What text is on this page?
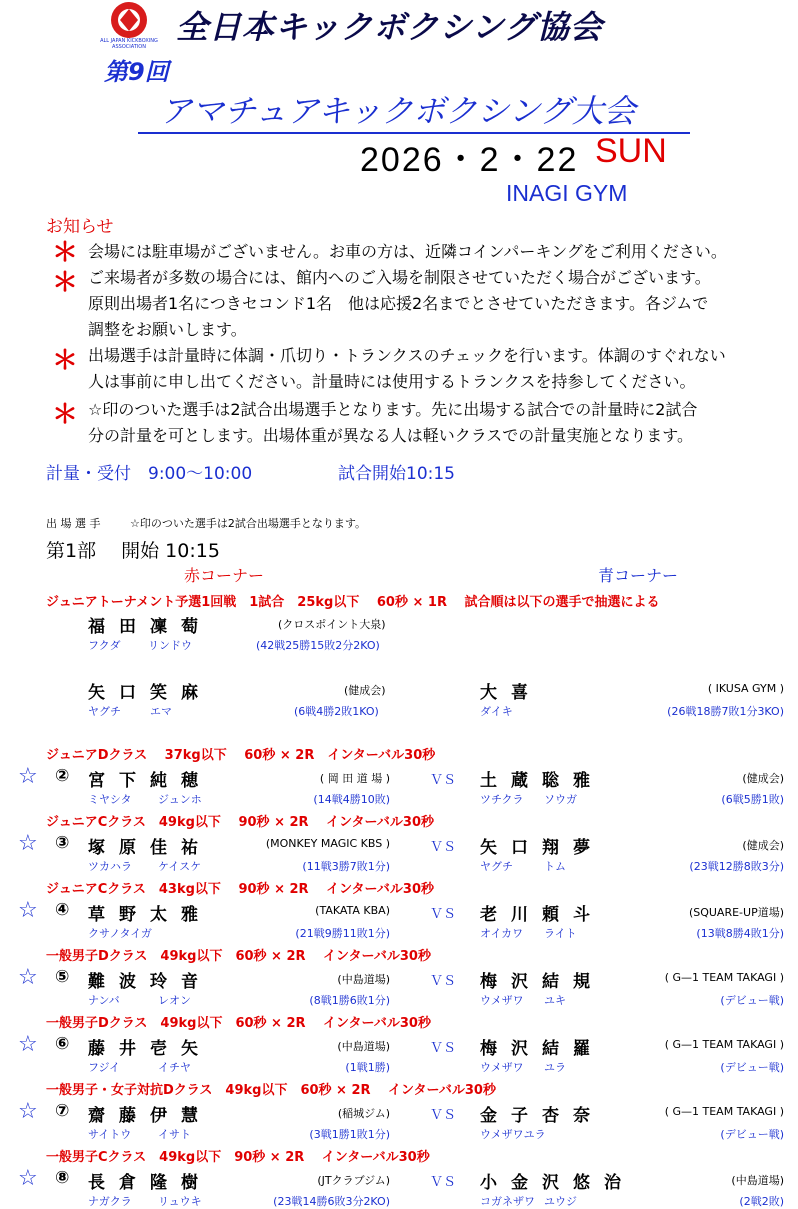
ALL JAPAN KICKBOXING
ASSOCIATION
全日本キックボクシング協会
第9回
アマチュアキックボクシング大会
2026・2・22 SUN
INAGI GYM
お知らせ
＊ 会場には駐車場がございません。お車の方は、近隣コインパーキングをご利用ください。
＊ ご来場者が多数の場合には、館内へのご入場を制限させていただく場合がございます。
原則出場者1名につきセコンド1名　他は応援2名までとさせていただきます。各ジムで
調整をお願いします。
＊ 出場選手は計量時に体調・爪切り・トランクスのチェックを行います。体調のすぐれない
人は事前に申し出てください。計量時には使用するトランクスを持参してください。
＊ ☆印のついた選手は2試合出場選手となります。先に出場する試合での計量時に2試合
分の計量を可とします。出場体重が異なる人は軽いクラスでの計量実施となります。
計量・受付　9:00〜10:00	試合開始10:15
出 場 選 手	☆印のついた選手は2試合出場選手となります。
第1部　 開始 10:15
赤コーナー	青コーナー
ジュニアトーナメント予選1回戦　1試合　25kg以下　 60秒 × 1R　 試合順は以下の選手で抽選による
福田凜萄	(クロスポイント大泉)
フクダ	リンドウ	(42戦25勝15敗2分2KO)
矢口笑麻	(健成会)
ヤグチ	エマ	(6戦4勝2敗1KO)
大喜	( IKUSA GYM )
ダイキ	(26戦18勝7敗1分3KO)
ジュニアDクラス　 37kg以下　 60秒 × 2R　インターバル30秒
☆ ② 宮下純穂	( 岡 田 道 場 )	ＶＳ 土蔵聡雅	(健成会)
ミヤシタ ジュンホ	(14戦4勝10敗)	ツチクラ ソウガ	(6戦5勝1敗)
ジュニアCクラス　49kg以下　 90秒 × 2R　 インターバル30秒
☆ ③ 塚原佳祐	(MONKEY MAGIC KBS )	ＶＳ 矢口翔夢	(健成会)
ツカハラ ケイスケ	(11戦3勝7敗1分)	ヤグチ	トム	(23戦12勝8敗3分)
ジュニアCクラス　43kg以下　 90秒 × 2R　 インターバル30秒
☆ ④ 草野太雅	(TAKATA KBA)	ＶＳ 老川頼斗	(SQUARE-UP道場)
クサノタイガ	(21戦9勝11敗1分)	オイカワ ライト	(13戦8勝4敗1分)
一般男子Dクラス　49kg以下　60秒 × 2R　 インターバル30秒
☆ ⑤ 難波玲音	(中島道場)	ＶＳ 梅沢結規	( G—1 TEAM TAKAGI )
ナンバ	レオン	(8戦1勝6敗1分)	ウメザワ ユキ	(デビュー戦)
一般男子Dクラス　49kg以下　60秒 × 2R　 インターバル30秒
☆ ⑥ 藤井壱矢	(中島道場)	ＶＳ 梅沢結羅	( G—1 TEAM TAKAGI )
フジイ	イチヤ	(1戦1勝)	ウメザワ ユラ	(デビュー戦)
一般男子・女子対抗Dクラス　49kg以下　60秒 × 2R　 インターバル30秒
☆ ⑦ 齋藤伊慧	(稲城ジム)	ＶＳ 金子杏奈	( G—1 TEAM TAKAGI )
サイトウ イサト	(3戦1勝1敗1分)	ウメザワユラ	(デビュー戦)
一般男子Cクラス　49kg以下　90秒 × 2R　 インターバル30秒
☆ ⑧ 長倉隆樹	(JTクラブジム)	ＶＳ 小金沢悠治	(中島道場)
ナガクラ リュウキ	(23戦14勝6敗3分2KO)	コガネザワ ユウジ	(2戦2敗)
